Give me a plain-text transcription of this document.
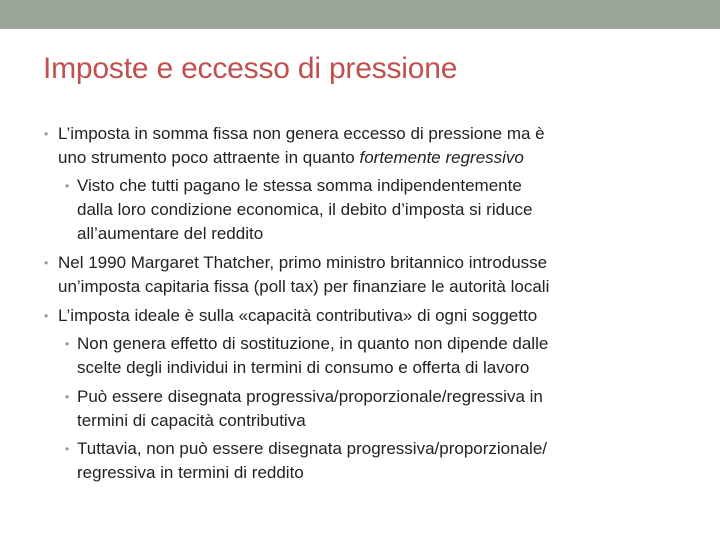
Imposte e eccesso di pressione
• L’imposta in somma fissa non genera eccesso di pressione ma è
uno strumento poco attraente in quanto fortemente regressivo
• Visto che tutti pagano le stessa somma indipendentemente
dalla loro condizione economica, il debito d’imposta si riduce
all’aumentare del reddito
• Nel 1990 Margaret Thatcher, primo ministro britannico introdusse
un’imposta capitaria fissa (poll tax) per finanziare le autorità locali
• L’imposta ideale è sulla «capacità contributiva» di ogni soggetto
• Non genera effetto di sostituzione, in quanto non dipende dalle
scelte degli individui in termini di consumo e offerta di lavoro
• Può essere disegnata progressiva/proporzionale/regressiva in
termini di capacità contributiva
• Tuttavia, non può essere disegnata progressiva/proporzionale/
regressiva in termini di reddito
